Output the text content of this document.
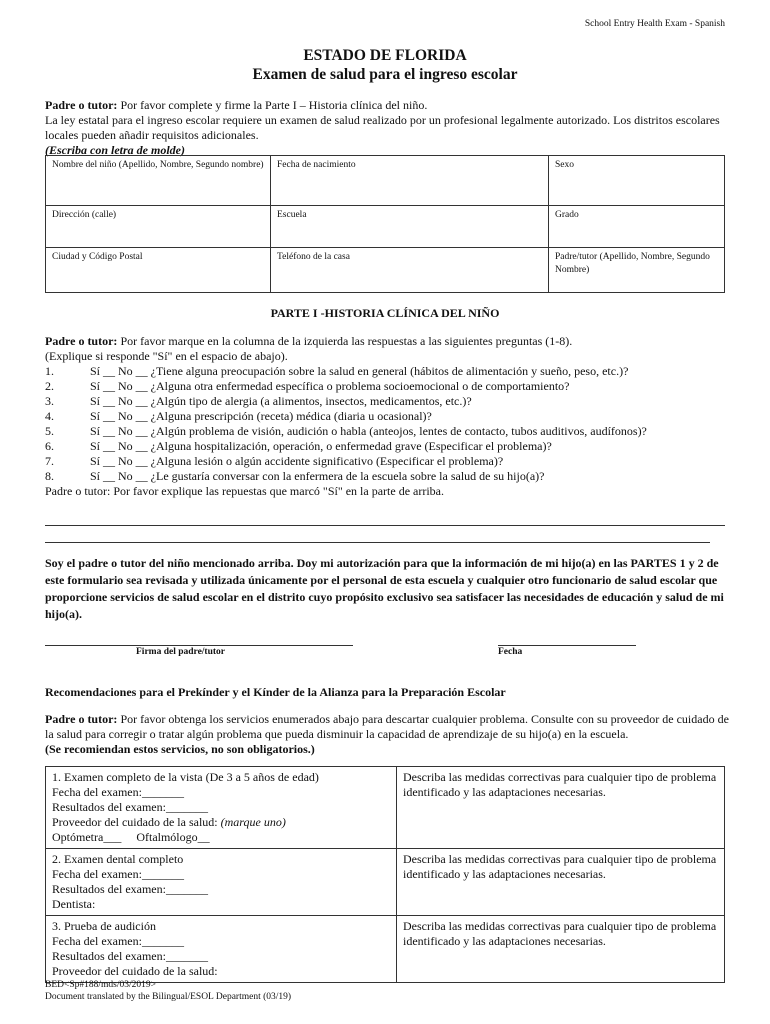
School Entry Health Exam - Spanish
ESTADO DE FLORIDA
Examen de salud para el ingreso escolar
Padre o tutor: Por favor complete y firme la Parte I – Historia clínica del niño.
La ley estatal para el ingreso escolar requiere un examen de salud realizado por un profesional legalmente autorizado. Los distritos escolares locales pueden añadir requisitos adicionales.
(Escriba con letra de molde)
Nombre del niño (Apellido, Nombre, Segundo nombre)	Fecha de nacimiento	Sexo
Dirección (calle)	Escuela	Grado
Ciudad y Código Postal	Teléfono de la casa	Padre/tutor (Apellido, Nombre, Segundo Nombre)
PARTE I -HISTORIA CLÍNICA DEL NIÑO
Padre o tutor: Por favor marque en la columna de la izquierda las respuestas a las siguientes preguntas (1-8).
(Explique si responde "Sí" en el espacio de abajo).
1.	Sí __ No __ ¿Tiene alguna preocupación sobre la salud en general (hábitos de alimentación y sueño, peso, etc.)?
2.	Sí __ No __ ¿Alguna otra enfermedad específica o problema socioemocional o de comportamiento?
3.	Sí __ No __ ¿Algún tipo de alergia (a alimentos, insectos, medicamentos, etc.)?
4.	Sí __ No __ ¿Alguna prescripción (receta) médica (diaria u ocasional)?
5.	Sí __ No __ ¿Algún problema de visión, audición o habla (anteojos, lentes de contacto, tubos auditivos, audífonos)?
6.	Sí __ No __ ¿Alguna hospitalización, operación, o enfermedad grave (Especificar el problema)?
7.	Sí __ No __ ¿Alguna lesión o algún accidente significativo (Especificar el problema)?
8.	Sí __ No __ ¿Le gustaría conversar con la enfermera de la escuela sobre la salud de su hijo(a)?
Padre o tutor: Por favor explique las repuestas que marcó "Sí" en la parte de arriba.
Soy el padre o tutor del niño mencionado arriba. Doy mi autorización para que la información de mi hijo(a) en las PARTES 1 y 2 de este formulario sea revisada y utilizada únicamente por el personal de esta escuela y cualquier otro funcionario de salud escolar que proporcione servicios de salud escolar en el distrito cuyo propósito exclusivo sea satisfacer las necesidades de educación y salud de mi hijo(a).
Firma del padre/tutor	Fecha
Recomendaciones para el Prekínder y el Kínder de la Alianza para la Preparación Escolar
Padre o tutor: Por favor obtenga los servicios enumerados abajo para descartar cualquier problema. Consulte con su proveedor de cuidado de la salud para corregir o tratar algún problema que pueda disminuir la capacidad de aprendizaje de su hijo(a) en la escuela.
(Se recomiendan estos servicios, no son obligatorios.)
1. Examen completo de la vista (De 3 a 5 años de edad)
Fecha del examen:_______
Resultados del examen:_______
Proveedor del cuidado de la salud: (marque uno)
Optómetra___     Oftalmólogo__	Describa las medidas correctivas para cualquier tipo de problema identificado y las adaptaciones necesarias.

2. Examen dental completo
Fecha del examen:_______
Resultados del examen:_______
Dentista:	Describa las medidas correctivas para cualquier tipo de problema identificado y las adaptaciones necesarias.

3. Prueba de audición
Fecha del examen:_______
Resultados del examen:_______
Proveedor del cuidado de la salud:	Describa las medidas correctivas para cualquier tipo de problema identificado y las adaptaciones necesarias.
BED<Sp#188/mds/03/2019>
Document translated by the Bilingual/ESOL Department (03/19)
